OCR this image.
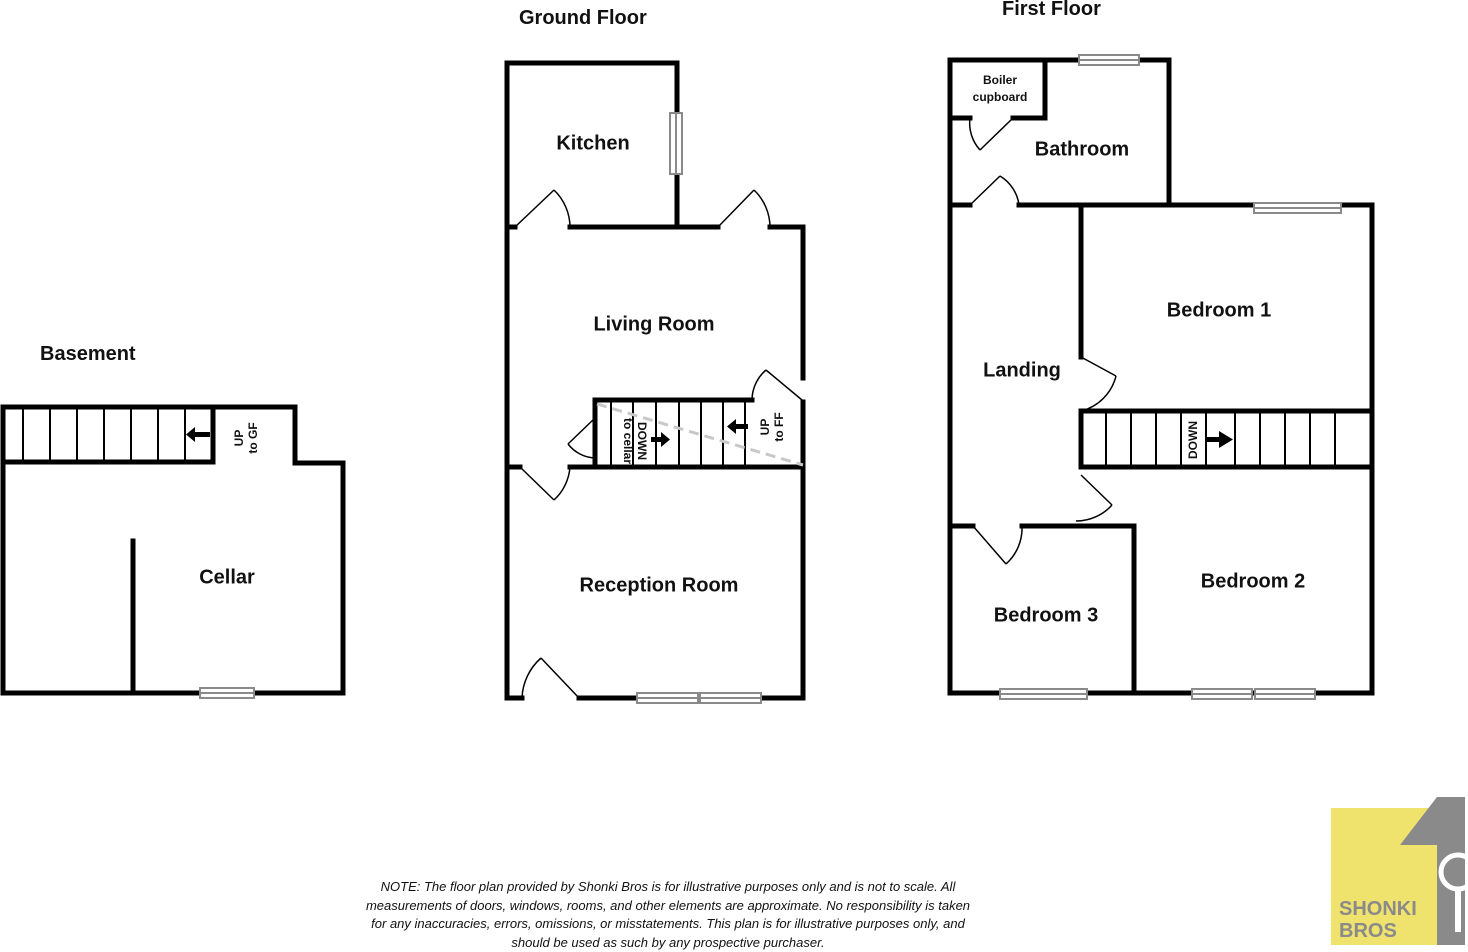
Basement
Ground Floor	First Floor
Cellar
Kitchen
Living Room
Reception Room
Boiler cupboard
Bathroom
Landing
Bedroom 1
Bedroom 2
Bedroom 3
UP to GF	DOWN
to cellar	UP to FF	DOWN
NOTE: The floor plan provided by Shonki Bros is for illustrative purposes only and is not to scale. All measurements of doors, windows, rooms, and other elements are approximate. No responsibility is taken for any inaccuracies, errors, omissions, or misstatements. This plan is for illustrative purposes only, and should be used as such by any prospective purchaser.
SHONKI
BROS
